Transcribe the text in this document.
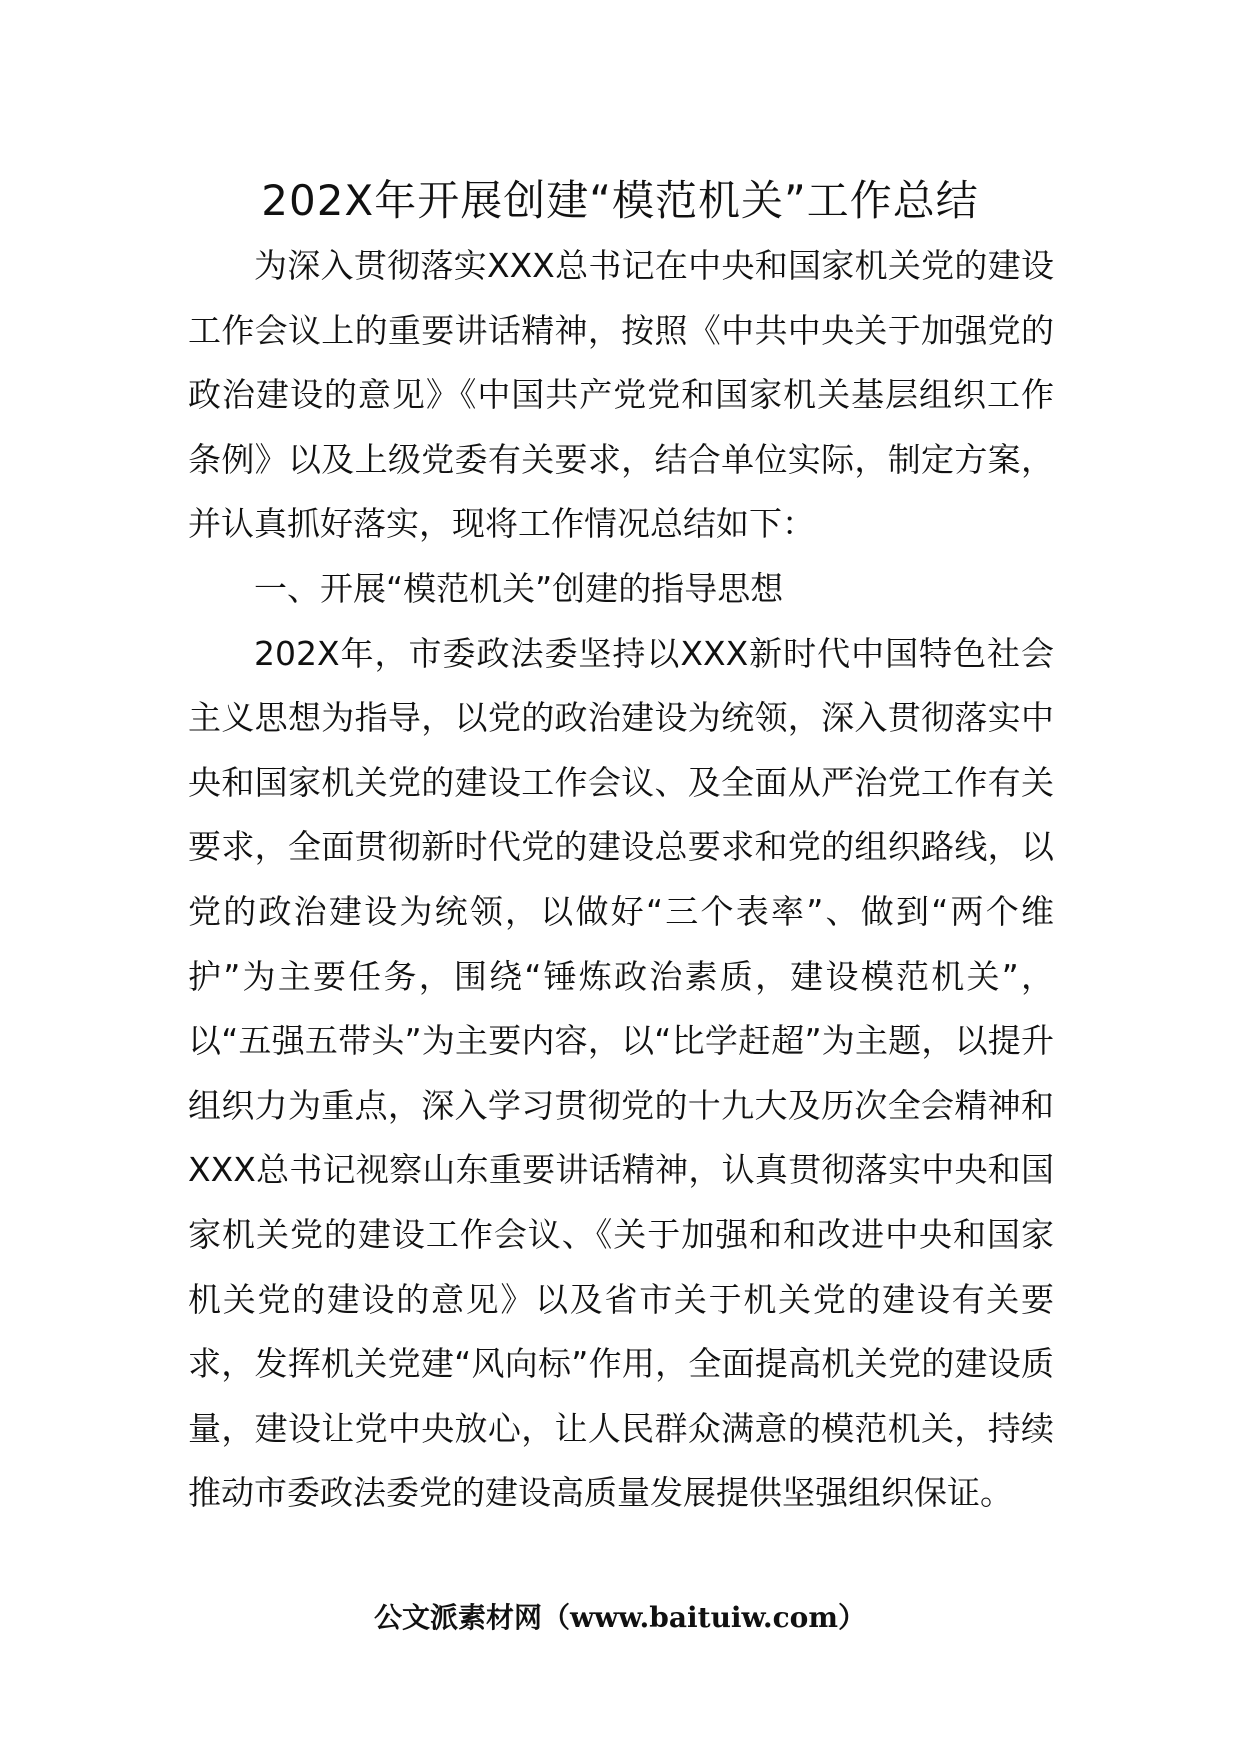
202X年开展创建“模范机关”工作总结

为深入贯彻落实XXX总书记在中央和国家机关党的建设工作会议上的重要讲话精神，按照《中共中央关于加强党的政治建设的意见》《中国共产党党和国家机关基层组织工作条例》以及上级党委有关要求，结合单位实际，制定方案，并认真抓好落实，现将工作情况总结如下：

一、开展“模范机关”创建的指导思想

202X年，市委政法委坚持以XXX新时代中国特色社会主义思想为指导，以党的政治建设为统领，深入贯彻落实中央和国家机关党的建设工作会议、及全面从严治党工作有关要求，全面贯彻新时代党的建设总要求和党的组织路线，以党的政治建设为统领，以做好“三个表率”、做到“两个维护”为主要任务，围绕“锤炼政治素质，建设模范机关”，以“五强五带头”为主要内容，以“比学赶超”为主题，以提升组织力为重点，深入学习贯彻党的十九大及历次全会精神和XXX总书记视察山东重要讲话精神，认真贯彻落实中央和国家机关党的建设工作会议、《关于加强和和改进中央和国家机关党的建设的意见》以及省市关于机关党的建设有关要求，发挥机关党建“风向标”作用，全面提高机关党的建设质量，建设让党中央放心，让人民群众满意的模范机关，持续推动市委政法委党的建设高质量发展提供坚强组织保证。

公文派素材网（www.baituiw.com）
